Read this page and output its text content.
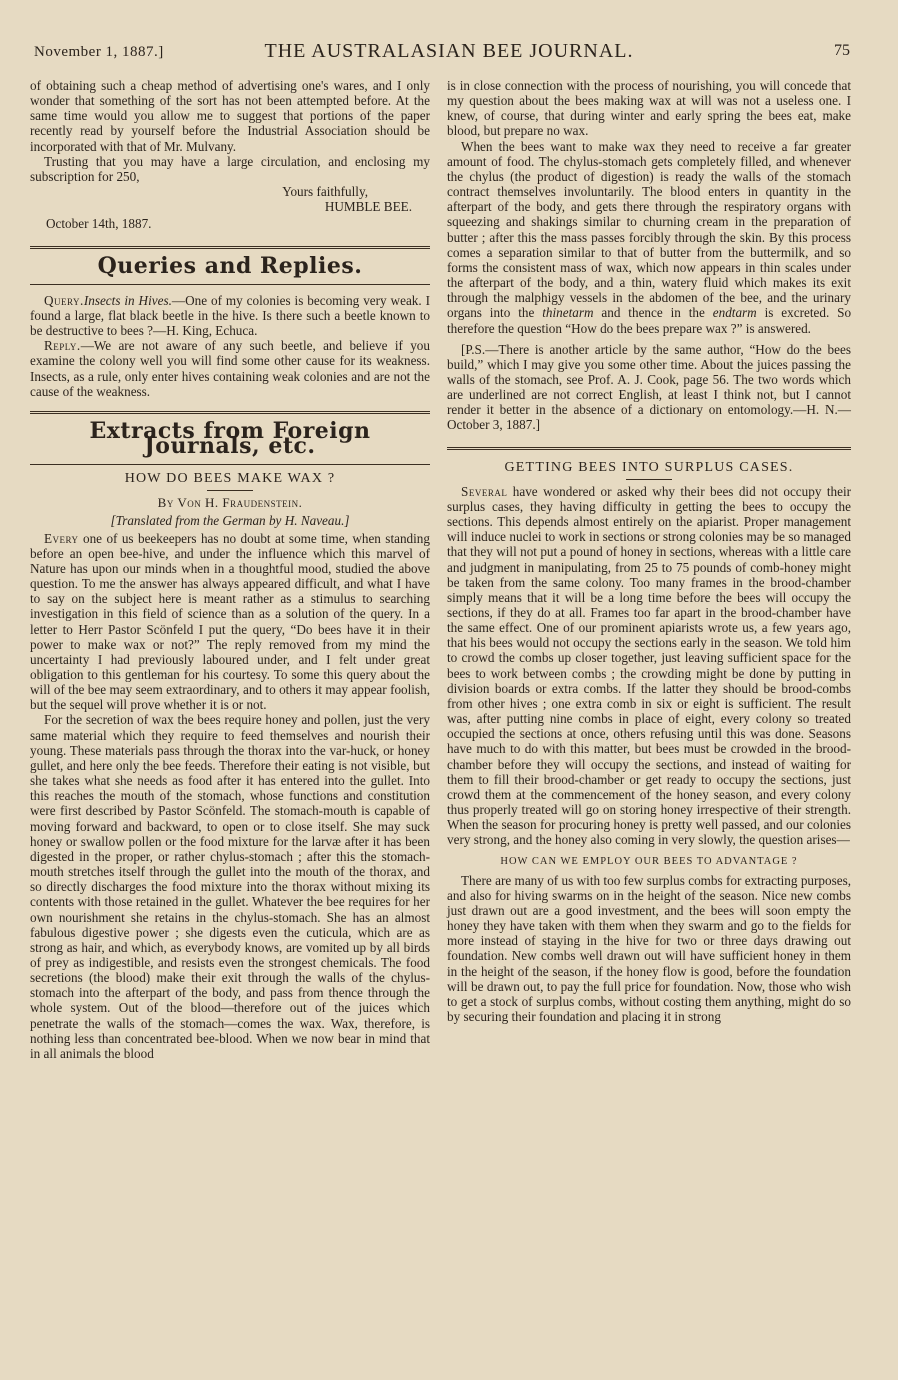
November 1, 1887.]	THE AUSTRALASIAN BEE JOURNAL.	75

of obtaining such a cheap method of advertising one's wares, and I only wonder that something of the sort has not been attempted before. At the same time would you allow me to suggest that portions of the paper recently read by yourself before the Industrial Association should be incorporated with that of Mr. Mulvany.

Trusting that you may have a large circulation, and enclosing my subscription for 250,

Yours faithfully,
HUMBLE BEE.

October 14th, 1887.

Queries and Replies.

Query.Insects in Hives.—One of my colonies is becoming very weak. I found a large, flat black beetle in the hive. Is there such a beetle known to be destructive to bees ?—H. King, Echuca.

Reply.—We are not aware of any such beetle, and believe if you examine the colony well you will find some other cause for its weakness. Insects, as a rule, only enter hives containing weak colonies and are not the cause of the weakness.

Extracts from Foreign Journals, etc.
HOW DO BEES MAKE WAX ?
By Von H. Fraudenstein.
[Translated from the German by H. Naveau.]

Every one of us beekeepers has no doubt at some time, when standing before an open bee-hive, and under the influence which this marvel of Nature has upon our minds when in a thoughtful mood, studied the above question. To me the answer has always appeared difficult, and what I have to say on the subject here is meant rather as a stimulus to searching investigation in this field of science than as a solution of the query. In a letter to Herr Pastor Scönfeld I put the query, “Do bees have it in their power to make wax or not?” The reply removed from my mind the uncertainty I had previously laboured under, and I felt under great obligation to this gentleman for his courtesy. To some this query about the will of the bee may seem extraordinary, and to others it may appear foolish, but the sequel will prove whether it is or not.

For the secretion of wax the bees require honey and pollen, just the very same material which they require to feed themselves and nourish their young. These materials pass through the thorax into the var-huck, or honey gullet, and here only the bee feeds. Therefore their eating is not visible, but she takes what she needs as food after it has entered into the gullet. Into this reaches the mouth of the stomach, whose functions and constitution were first described by Pastor Scönfeld. The stomach-mouth is capable of moving forward and backward, to open or to close itself. She may suck honey or swallow pollen or the food mixture for the larvæ after it has been digested in the proper, or rather chylus-stomach ; after this the stomach-mouth stretches itself through the gullet into the mouth of the thorax, and so directly discharges the food mixture into the thorax without mixing its contents with those retained in the gullet. Whatever the bee requires for her own nourishment she retains in the chylus-stomach. She has an almost fabulous digestive power ; she digests even the cuticula, which are as strong as hair, and which, as everybody knows, are vomited up by all birds of prey as indigestible, and resists even the strongest chemicals. The food secretions (the blood) make their exit through the walls of the chylus-stomach into the afterpart of the body, and pass from thence through the whole system. Out of the blood—therefore out of the juices which penetrate the walls of the stomach—comes the wax. Wax, therefore, is nothing less than concentrated bee-blood. When we now bear in mind that in all animals the blood

is in close connection with the process of nourishing, you will concede that my question about the bees making wax at will was not a useless one. I knew, of course, that during winter and early spring the bees eat, make blood, but prepare no wax.

When the bees want to make wax they need to receive a far greater amount of food. The chylus-stomach gets completely filled, and whenever the chylus (the product of digestion) is ready the walls of the stomach contract themselves involuntarily. The blood enters in quantity in the afterpart of the body, and gets there through the respiratory organs with squeezing and shakings similar to churning cream in the preparation of butter ; after this the mass passes forcibly through the skin. By this process comes a separation similar to that of butter from the buttermilk, and so forms the consistent mass of wax, which now appears in thin scales under the afterpart of the body, and a thin, watery fluid which makes its exit through the malphigy vessels in the abdomen of the bee, and the urinary organs into the thinetarm and thence in the endtarm is excreted. So therefore the question “How do the bees prepare wax ?” is answered.

[P.S.—There is another article by the same author, “How do the bees build,” which I may give you some other time. About the juices passing the walls of the stomach, see Prof. A. J. Cook, page 56. The two words which are underlined are not correct English, at least I think not, but I cannot render it better in the absence of a dictionary on entomology.—H. N.—October 3, 1887.]

GETTING BEES INTO SURPLUS CASES.

Several have wondered or asked why their bees did not occupy their surplus cases, they having difficulty in getting the bees to occupy the sections. This depends almost entirely on the apiarist. Proper management will induce nuclei to work in sections or strong colonies may be so managed that they will not put a pound of honey in sections, whereas with a little care and judgment in manipulating, from 25 to 75 pounds of comb-honey might be taken from the same colony. Too many frames in the brood-chamber simply means that it will be a long time before the bees will occupy the sections, if they do at all. Frames too far apart in the brood-chamber have the same effect. One of our prominent apiarists wrote us, a few years ago, that his bees would not occupy the sections early in the season. We told him to crowd the combs up closer together, just leaving sufficient space for the bees to work between combs ; the crowding might be done by putting in division boards or extra combs. If the latter they should be brood-combs from other hives ; one extra comb in six or eight is sufficient. The result was, after putting nine combs in place of eight, every colony so treated occupied the sections at once, others refusing until this was done. Seasons have much to do with this matter, but bees must be crowded in the brood-chamber before they will occupy the sections, and instead of waiting for them to fill their brood-chamber or get ready to occupy the sections, just crowd them at the commencement of the honey season, and every colony thus properly treated will go on storing honey irrespective of their strength. When the season for procuring honey is pretty well passed, and our colonies very strong, and the honey also coming in very slowly, the question arises—

HOW CAN WE EMPLOY OUR BEES TO ADVANTAGE ?

There are many of us with too few surplus combs for extracting purposes, and also for hiving swarms on in the height of the season. Nice new combs just drawn out are a good investment, and the bees will soon empty the honey they have taken with them when they swarm and go to the fields for more instead of staying in the hive for two or three days drawing out foundation. New combs well drawn out will have sufficient honey in them in the height of the season, if the honey flow is good, before the foundation will be drawn out, to pay the full price for foundation. Now, those who wish to get a stock of surplus combs, without costing them anything, might do so by securing their foundation and placing it in strong
